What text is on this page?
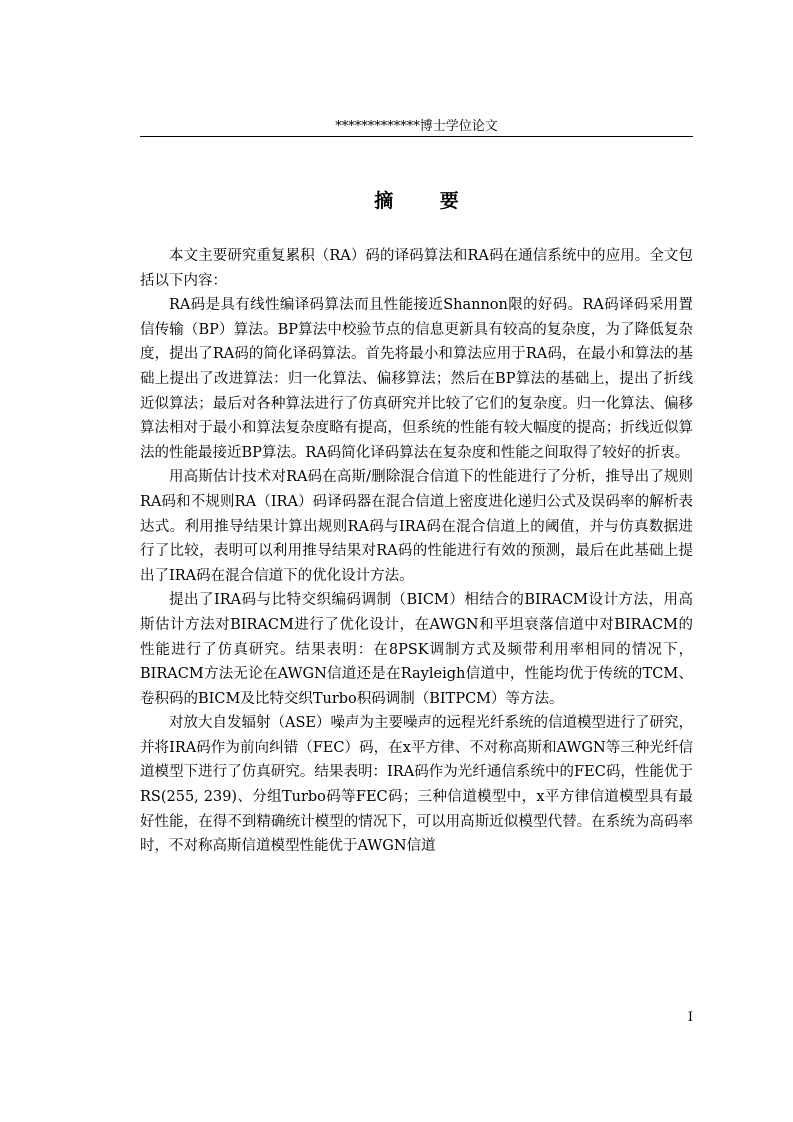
*************博士学位论文
摘 要

本文主要研究重复累积（RA）码的译码算法和RA码在通信系统中的应用。全文包括以下内容：

RA码是具有线性编译码算法而且性能接近Shannon限的好码。RA码译码采用置信传输（BP）算法。BP算法中校验节点的信息更新具有较高的复杂度，为了降低复杂度，提出了RA码的简化译码算法。首先将最小和算法应用于RA码，在最小和算法的基础上提出了改进算法：归一化算法、偏移算法；然后在BP算法的基础上，提出了折线近似算法；最后对各种算法进行了仿真研究并比较了它们的复杂度。归一化算法、偏移算法相对于最小和算法复杂度略有提高，但系统的性能有较大幅度的提高；折线近似算法的性能最接近BP算法。RA码简化译码算法在复杂度和性能之间取得了较好的折衷。

用高斯估计技术对RA码在高斯/删除混合信道下的性能进行了分析，推导出了规则RA码和不规则RA（IRA）码译码器在混合信道上密度进化递归公式及误码率的解析表达式。利用推导结果计算出规则RA码与IRA码在混合信道上的阈值，并与仿真数据进行了比较，表明可以利用推导结果对RA码的性能进行有效的预测，最后在此基础上提出了IRA码在混合信道下的优化设计方法。

提出了IRA码与比特交织编码调制（BICM）相结合的BIRACM设计方法，用高斯估计方法对BIRACM进行了优化设计，在AWGN和平坦衰落信道中对BIRACM的性能进行了仿真研究。结果表明：在8PSK调制方式及频带利用率相同的情况下，BIRACM方法无论在AWGN信道还是在Rayleigh信道中，性能均优于传统的TCM、卷积码的BICM及比特交织Turbo积码调制（BITPCM）等方法。

对放大自发辐射（ASE）噪声为主要噪声的远程光纤系统的信道模型进行了研究，并将IRA码作为前向纠错（FEC）码，在x平方律、不对称高斯和AWGN等三种光纤信道模型下进行了仿真研究。结果表明：IRA码作为光纤通信系统中的FEC码，性能优于RS(255, 239)、分组Turbo码等FEC码；三种信道模型中，x平方律信道模型具有最好性能，在得不到精确统计模型的情况下，可以用高斯近似模型代替。在系统为高码率时，不对称高斯信道模型性能优于AWGN信道

I
